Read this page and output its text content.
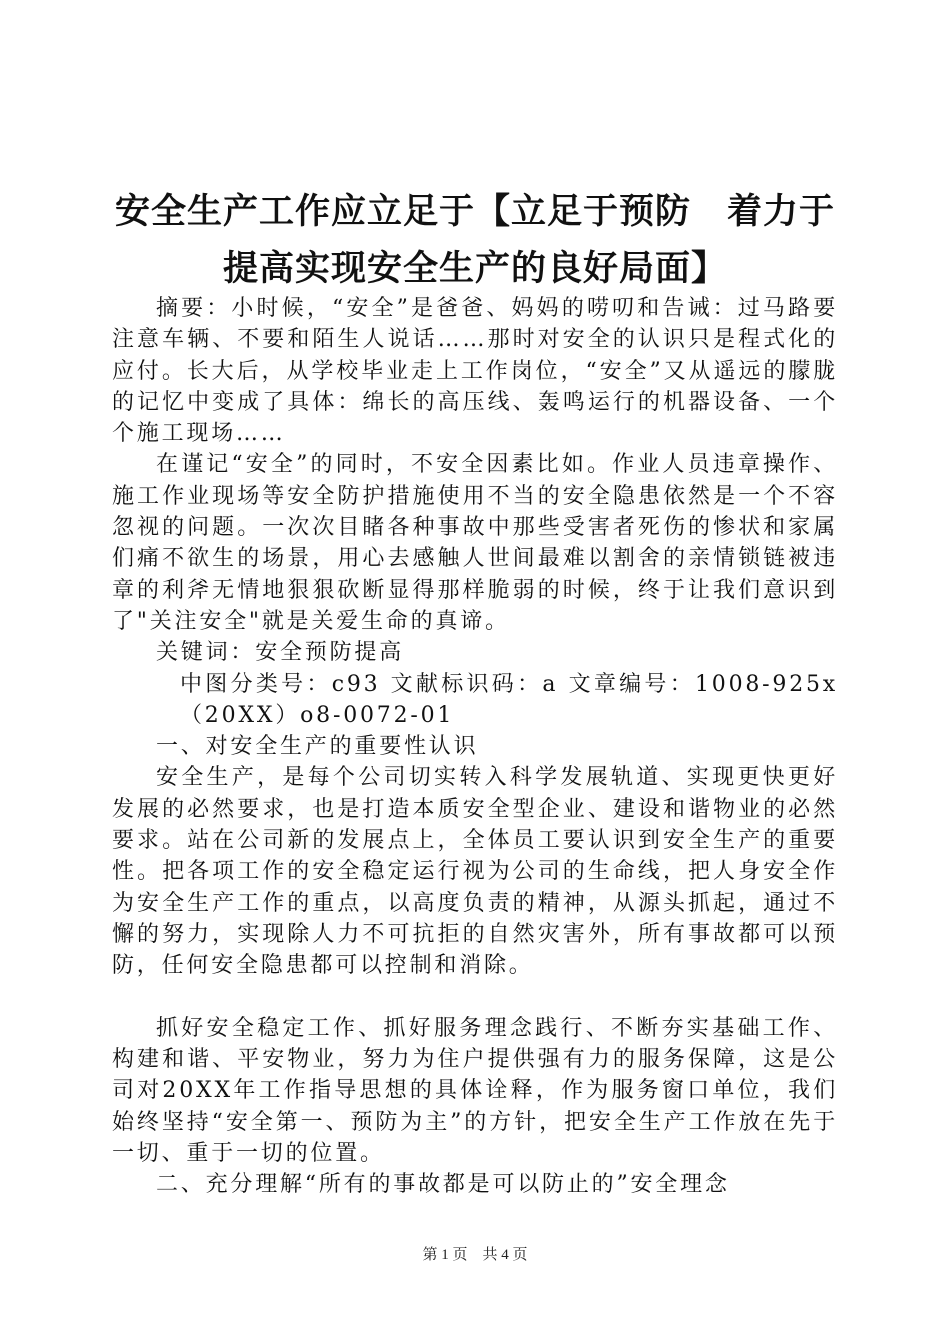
安全生产工作应立足于【立足于预防　着力于
提高实现安全生产的良好局面】

摘要：小时候，“安全”是爸爸、妈妈的唠叨和告诫：过马路要注意车辆、不要和陌生人说话……那时对安全的认识只是程式化的应付。长大后，从学校毕业走上工作岗位，“安全”又从遥远的朦胧的记忆中变成了具体：绵长的高压线、轰鸣运行的机器设备、一个个施工现场……

在谨记“安全”的同时，不安全因素比如。作业人员违章操作、施工作业现场等安全防护措施使用不当的安全隐患依然是一个不容忽视的问题。一次次目睹各种事故中那些受害者死伤的惨状和家属们痛不欲生的场景，用心去感触人世间最难以割舍的亲情锁链被违章的利斧无情地狠狠砍断显得那样脆弱的时候，终于让我们意识到了"关注安全"就是关爱生命的真谛。

关键词：安全预防提高

中图分类号：c93 文献标识码：a 文章编号：1008-925x（20XX）o8-0072-01

一、对安全生产的重要性认识

安全生产，是每个公司切实转入科学发展轨道、实现更快更好发展的必然要求，也是打造本质安全型企业、建设和谐物业的必然要求。站在公司新的发展点上，全体员工要认识到安全生产的重要性。把各项工作的安全稳定运行视为公司的生命线，把人身安全作为安全生产工作的重点，以高度负责的精神，从源头抓起，通过不懈的努力，实现除人力不可抗拒的自然灾害外，所有事故都可以预防，任何安全隐患都可以控制和消除。

抓好安全稳定工作、抓好服务理念践行、不断夯实基础工作、构建和谐、平安物业，努力为住户提供强有力的服务保障，这是公司对20XX年工作指导思想的具体诠释，作为服务窗口单位，我们始终坚持“安全第一、预防为主”的方针，把安全生产工作放在先于一切、重于一切的位置。

二、充分理解“所有的事故都是可以防止的”安全理念

第 1 页　共 4 页
